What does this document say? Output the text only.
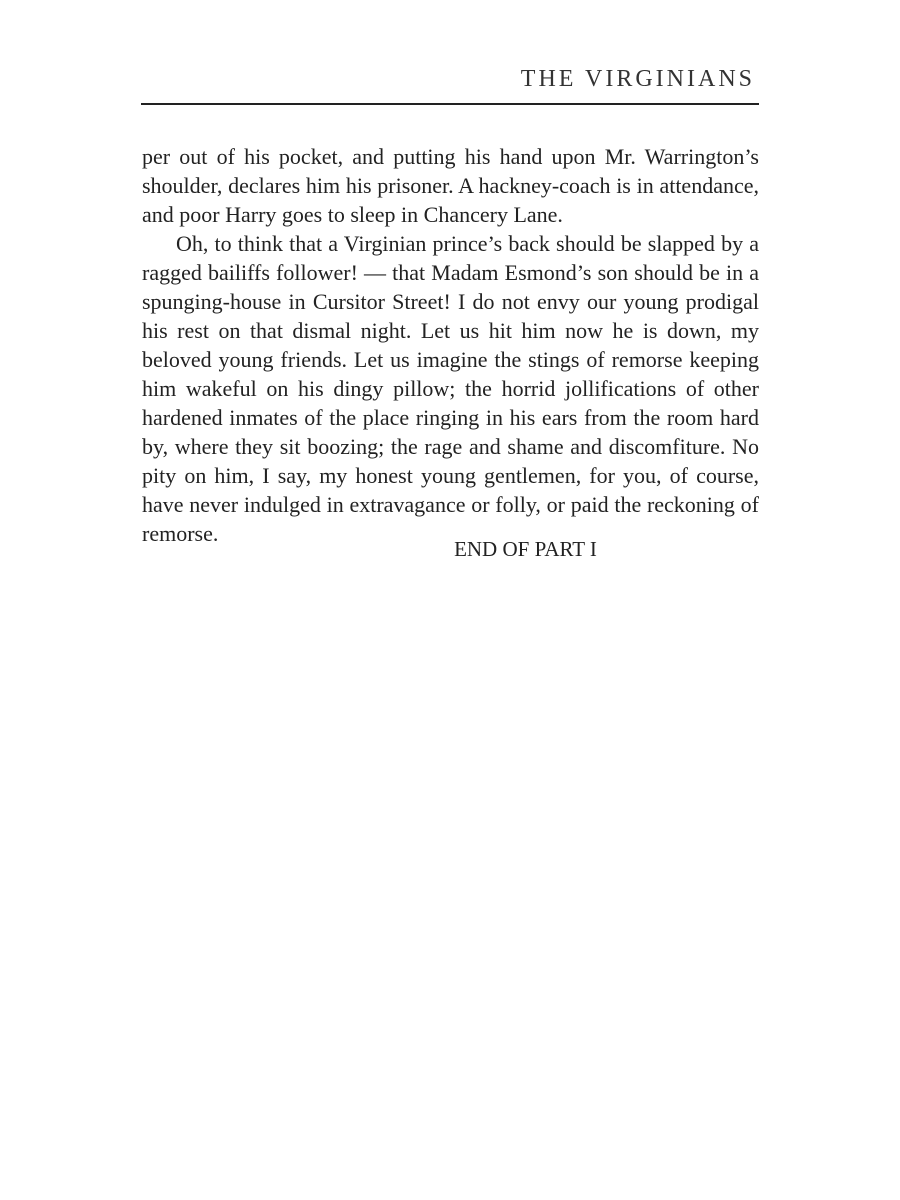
THE VIRGINIANS

per out of his pocket, and putting his hand upon Mr. Warrington’s shoulder, declares him his prisoner. A hackney-coach is in attendance, and poor Harry goes to sleep in Chancery Lane.

Oh, to think that a Virginian prince’s back should be slapped by a ragged bailiffs follower! — that Madam Esmond’s son should be in a spunging-house in Cursitor Street! I do not envy our young prodigal his rest on that dismal night. Let us hit him now he is down, my beloved young friends. Let us imagine the stings of remorse keeping him wakeful on his dingy pillow; the horrid jollifications of other hardened inmates of the place ringing in his ears from the room hard by, where they sit boozing; the rage and shame and discomfiture. No pity on him, I say, my honest young gentlemen, for you, of course, have never indulged in extravagance or folly, or paid the reckoning of remorse.

END OF PART I
